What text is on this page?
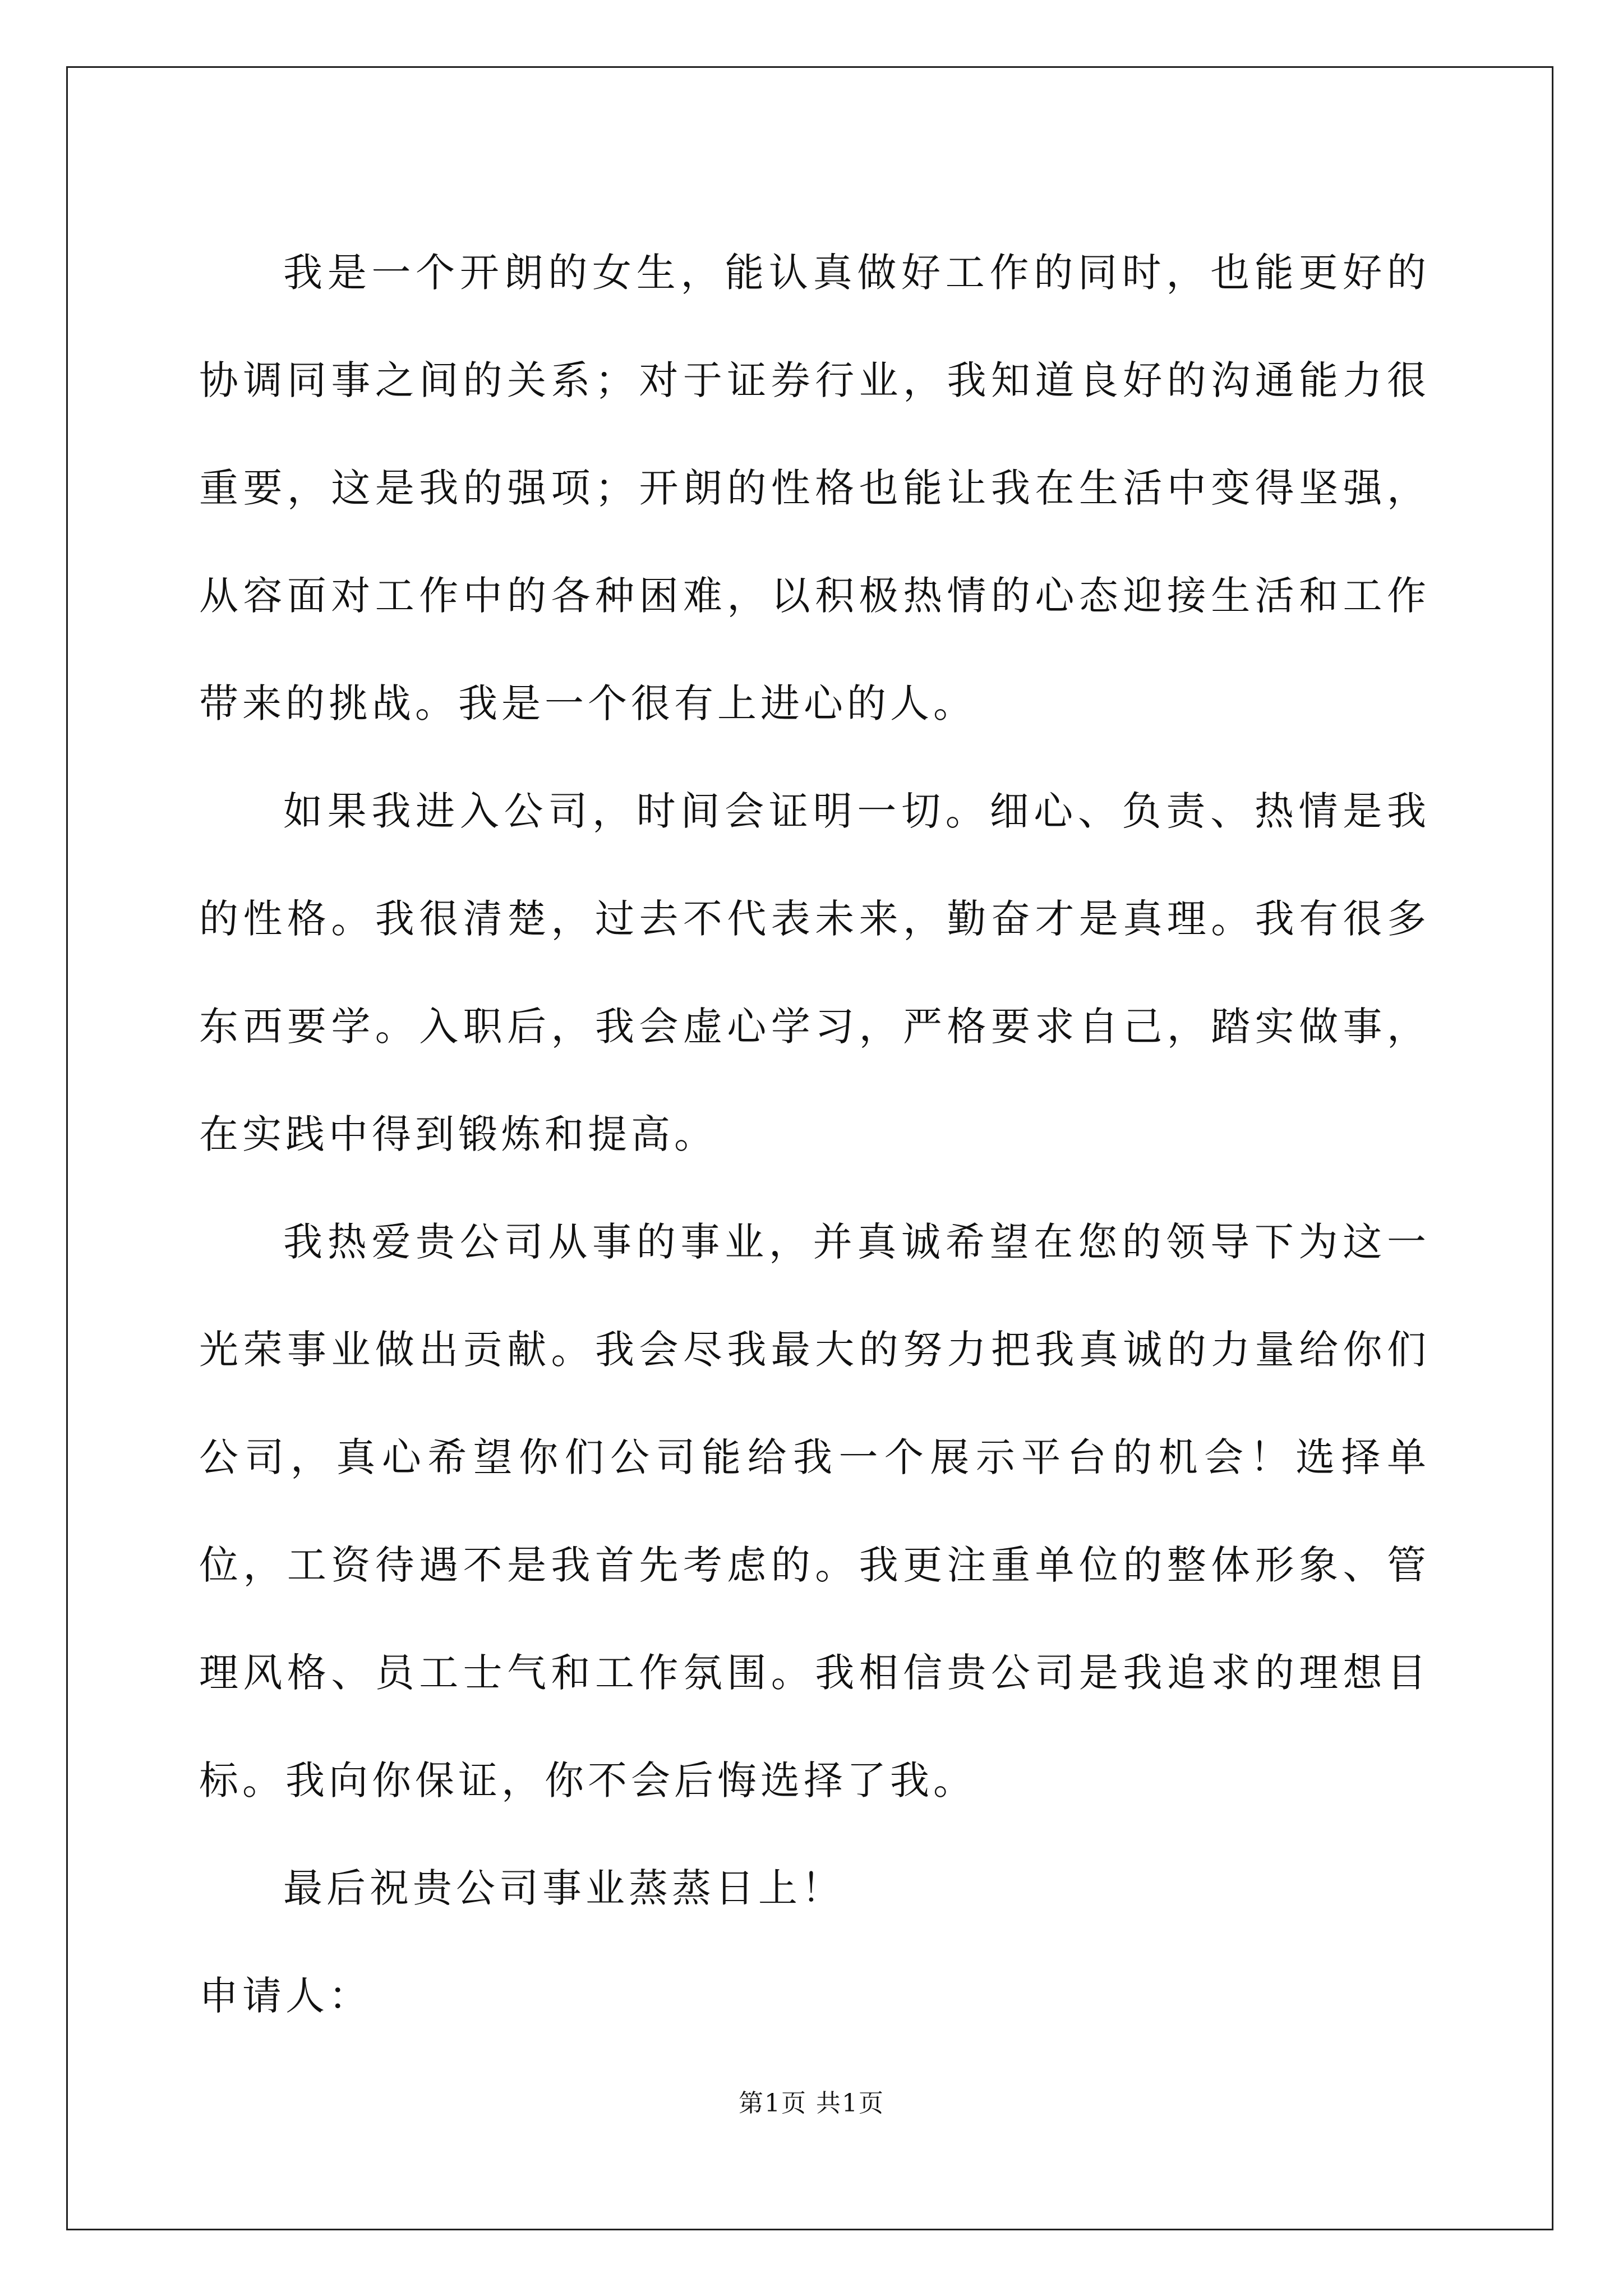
我是一个开朗的女生，能认真做好工作的同时，也能更好的协调同事之间的关系；对于证券行业，我知道良好的沟通能力很重要，这是我的强项；开朗的性格也能让我在生活中变得坚强，从容面对工作中的各种困难，以积极热情的心态迎接生活和工作带来的挑战。我是一个很有上进心的人。

如果我进入公司，时间会证明一切。细心、负责、热情是我的性格。我很清楚，过去不代表未来，勤奋才是真理。我有很多东西要学。入职后，我会虚心学习，严格要求自己，踏实做事，在实践中得到锻炼和提高。

我热爱贵公司从事的事业，并真诚希望在您的领导下为这一光荣事业做出贡献。我会尽我最大的努力把我真诚的力量给你们公司，真心希望你们公司能给我一个展示平台的机会！选择单位，工资待遇不是我首先考虑的。我更注重单位的整体形象、管理风格、员工士气和工作氛围。我相信贵公司是我追求的理想目标。我向你保证，你不会后悔选择了我。

最后祝贵公司事业蒸蒸日上！

申请人：

第1页 共1页
